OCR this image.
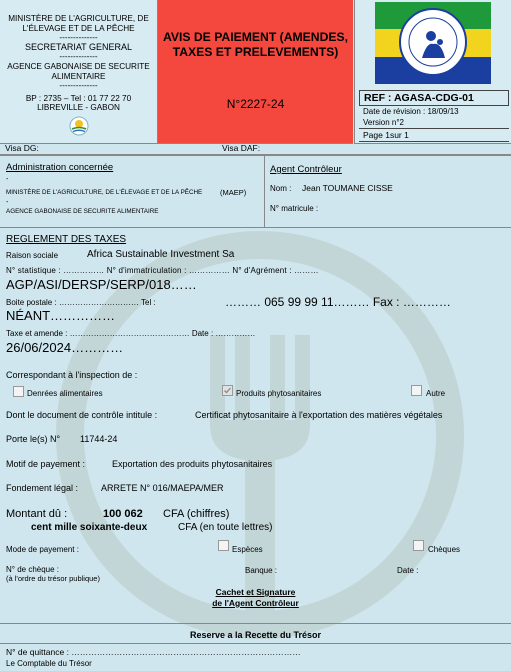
MINISTÈRE DE L'AGRICULTURE, DE L'ÉLEVAGE ET DE LA PÊCHE
--------------
SECRETARIAT GENERAL
--------------
AGENCE GABONAISE DE SECURITE ALIMENTAIRE
--------------
BP : 2735 – Tel : 01 77 22 70
LIBREVILLE - GABON
AVIS DE PAIEMENT (AMENDES, TAXES ET PRELEVEMENTS)
N°2227-24	REF : AGASA-CDG-01
Date de révision : 18/09/13
Version n°2
Page 1sur 1
Visa DG:	Visa DAF:
Administration concernée
-
MINISTÈRE DE L'AGRICULTURE, DE L'ÉLEVAGE ET DE LA PÊCHE (MAEP)
-
AGENCE GABONAISE DE SECURITE ALIMENTAIRE
Agent Contrôleur
Nom : Jean TOUMANE CISSE
N° matricule :
REGLEMENT DES TAXES
Raison sociale	Africa Sustainable Investment Sa
N° statistique : …………… N° d'immatriculation : …………… N° d'Agrément : ………
AGP/ASI/DERSP/SERP/018……
Boite postale : ………………………… Tel :	……… 065 99 99 11……… Fax : …………
NÉANT……………
Taxe et amende : ……………………………………… Date : ……………
26/06/2024…………
Correspondant à l'inspection de :
Denrées alimentaires	Produits phytosanitaires	Autre
Dont le document de contrôle intitule :	Certificat phytosanitaire à l'exportation des matières végétales
Porte le(s) N° 11744-24
Motif de payement :	Exportation des produits phytosanitaires
Fondement légal :	ARRETE N° 016/MAEPA/MER
Montant dû :	100 062 CFA (chiffres)
cent mille soixante-deux	CFA (en toute lettres)
Mode de payement :	Espèces	Chèques
N° de chèque :
(à l'ordre du trésor publique)
Banque :	Date :
Cachet et Signature
de l'Agent Contrôleur
Reserve a la Recette du Trésor
N° de quittance : ………………………………………………………………………
Le Comptable du Trésor
